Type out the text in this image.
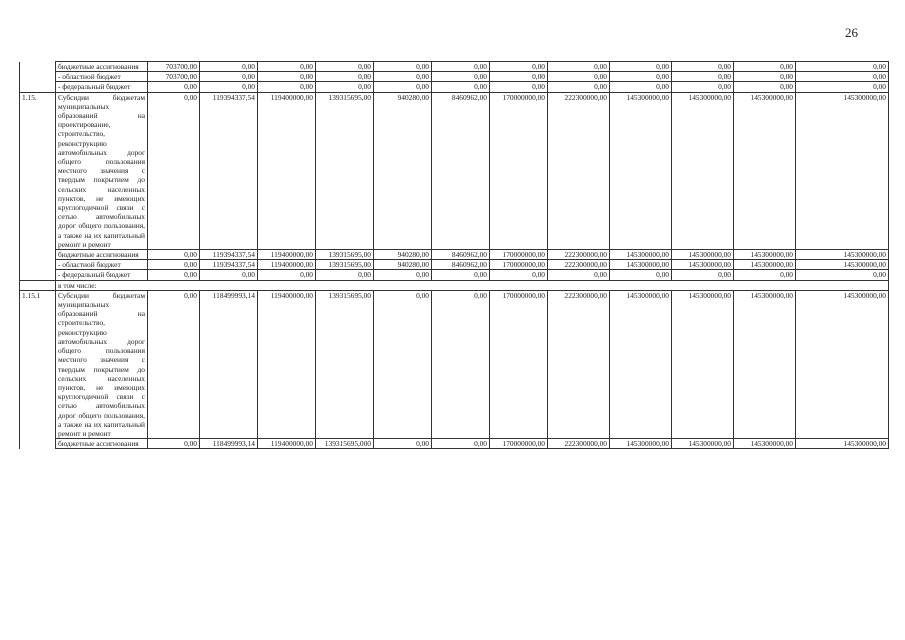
26
	бюджетные ассигнования	703700,00	0,00	0,00	0,00	0,00	0,00	0,00	0,00	0,00	0,00	0,00	0,00
	- областной бюджет	703700,00	0,00	0,00	0,00	0,00	0,00	0,00	0,00	0,00	0,00	0,00	0,00
	- федеральный бюджет	0,00	0,00	0,00	0,00	0,00	0,00	0,00	0,00	0,00	0,00	0,00	0,00
1.15.	Субсидии бюджетам муниципальных образований на проектирование, строительство, реконструкцию автомобильных дорог общего пользования местного значения с твердым покрытием до сельских населенных пунктов, не имеющих круглогодичной связи с сетью автомобильных дорог общего пользования, а также на их капитальный ремонт и ремонт	0,00	119394337,54	119400000,00	139315695,00	940280,00	8460962,00	170000000,00	222300000,00	145300000,00	145300000,00	145300000,00	145300000,00
	бюджетные ассигнования	0,00	119394337,54	119400000,00	139315695,00	940280,00	8460962,00	170000000,00	222300000,00	145300000,00	145300000,00	145300000,00	145300000,00
	- областной бюджет	0,00	119394337,54	119400000,00	139315695,00	940280,00	8460962,00	170000000,00	222300000,00	145300000,00	145300000,00	145300000,00	145300000,00
	- федеральный бюджет	0,00	0,00	0,00	0,00	0,00	0,00	0,00	0,00	0,00	0,00	0,00	0,00
	в том числе:												
1.15.1	Субсидии бюджетам муниципальных образований на строительство, реконструкцию автомобильных дорог общего пользования местного значения с твердым покрытием до сельских населенных пунктов, не имеющих круглогодичной связи с сетью автомобильных дорог общего пользования, а также на их капитальный ремонт и ремонт	0,00	118499993,14	119400000,00	139315695,00	0,00	0,00	170000000,00	222300000,00	145300000,00	145300000,00	145300000,00	145300000,00
	бюджетные ассигнования	0,00	118499993,14	119400000,00	139315695,000	0,00	0,00	170000000,00	222300000,00	145300000,00	145300000,00	145300000,00	145300000,00
